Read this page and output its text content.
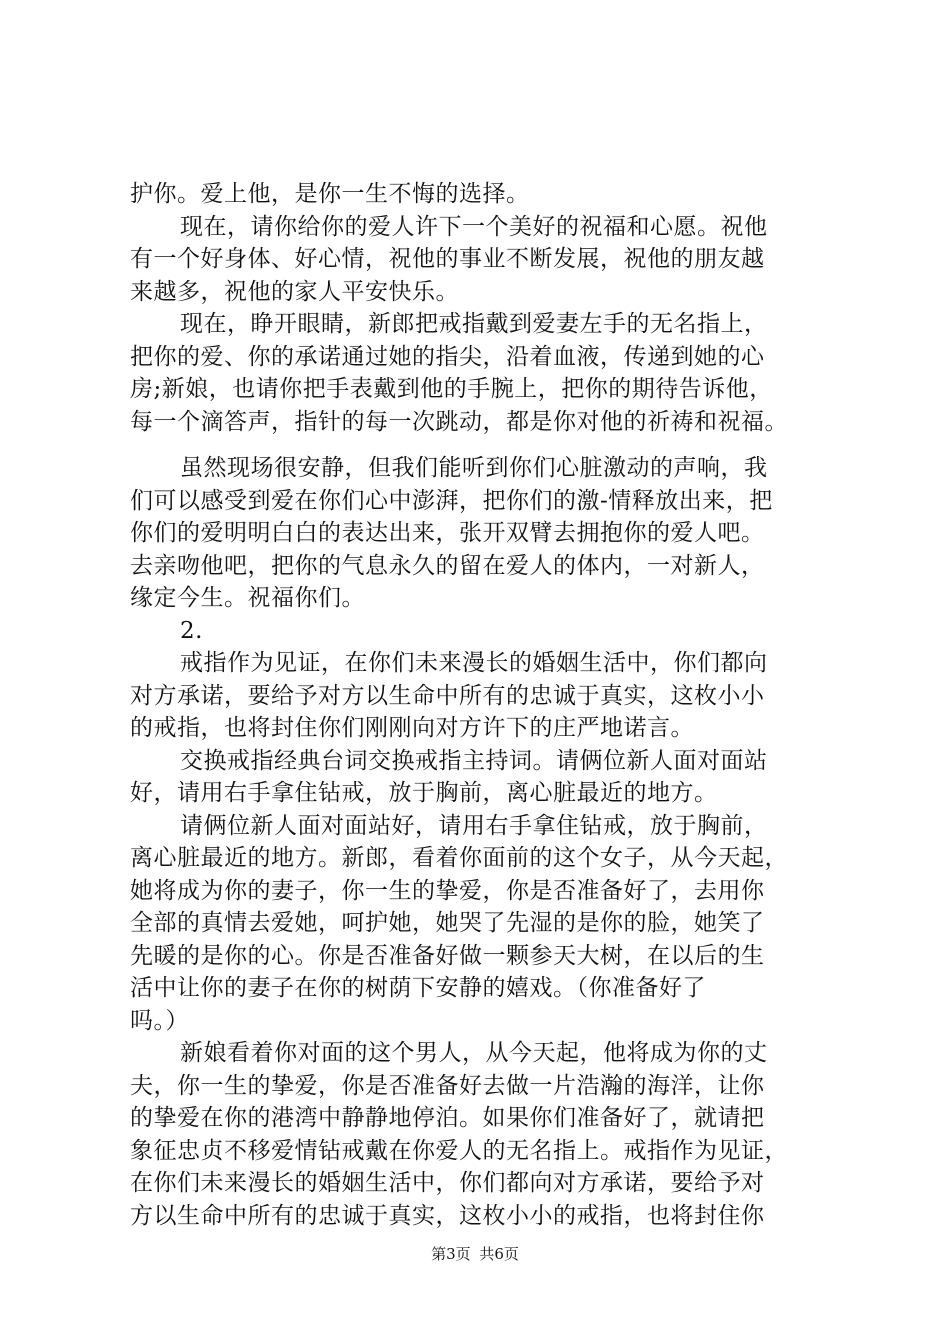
护你。爱上他，是你一生不悔的选择。
现在，请你给你的爱人许下一个美好的祝福和心愿。祝他
有一个好身体、好心情，祝他的事业不断发展，祝他的朋友越
来越多，祝他的家人平安快乐。
现在，睁开眼睛，新郎把戒指戴到爱妻左手的无名指上，
把你的爱、你的承诺通过她的指尖，沿着血液，传递到她的心
房;新娘，也请你把手表戴到他的手腕上，把你的期待告诉他，
每一个滴答声，指针的每一次跳动，都是你对他的祈祷和祝福。
虽然现场很安静，但我们能听到你们心脏激动的声响，我
们可以感受到爱在你们心中澎湃，把你们的激-情释放出来，把
你们的爱明明白白的表达出来，张开双臂去拥抱你的爱人吧。
去亲吻他吧，把你的气息永久的留在爱人的体内，一对新人，
缘定今生。祝福你们。
2.
戒指作为见证，在你们未来漫长的婚姻生活中，你们都向
对方承诺，要给予对方以生命中所有的忠诚于真实，这枚小小
的戒指，也将封住你们刚刚向对方许下的庄严地诺言。
交换戒指经典台词交换戒指主持词。请俩位新人面对面站
好，请用右手拿住钻戒，放于胸前，离心脏最近的地方。
请俩位新人面对面站好，请用右手拿住钻戒，放于胸前，
离心脏最近的地方。新郎，看着你面前的这个女子，从今天起，
她将成为你的妻子，你一生的挚爱，你是否准备好了，去用你
全部的真情去爱她，呵护她，她哭了先湿的是你的脸，她笑了
先暖的是你的心。你是否准备好做一颗参天大树，在以后的生
活中让你的妻子在你的树荫下安静的嬉戏。（你准备好了
吗。）
新娘看着你对面的这个男人，从今天起，他将成为你的丈
夫，你一生的挚爱，你是否准备好去做一片浩瀚的海洋，让你
的挚爱在你的港湾中静静地停泊。如果你们准备好了，就请把
象征忠贞不移爱情钻戒戴在你爱人的无名指上。戒指作为见证，
在你们未来漫长的婚姻生活中，你们都向对方承诺，要给予对
方以生命中所有的忠诚于真实，这枚小小的戒指，也将封住你
第3页 共6页
